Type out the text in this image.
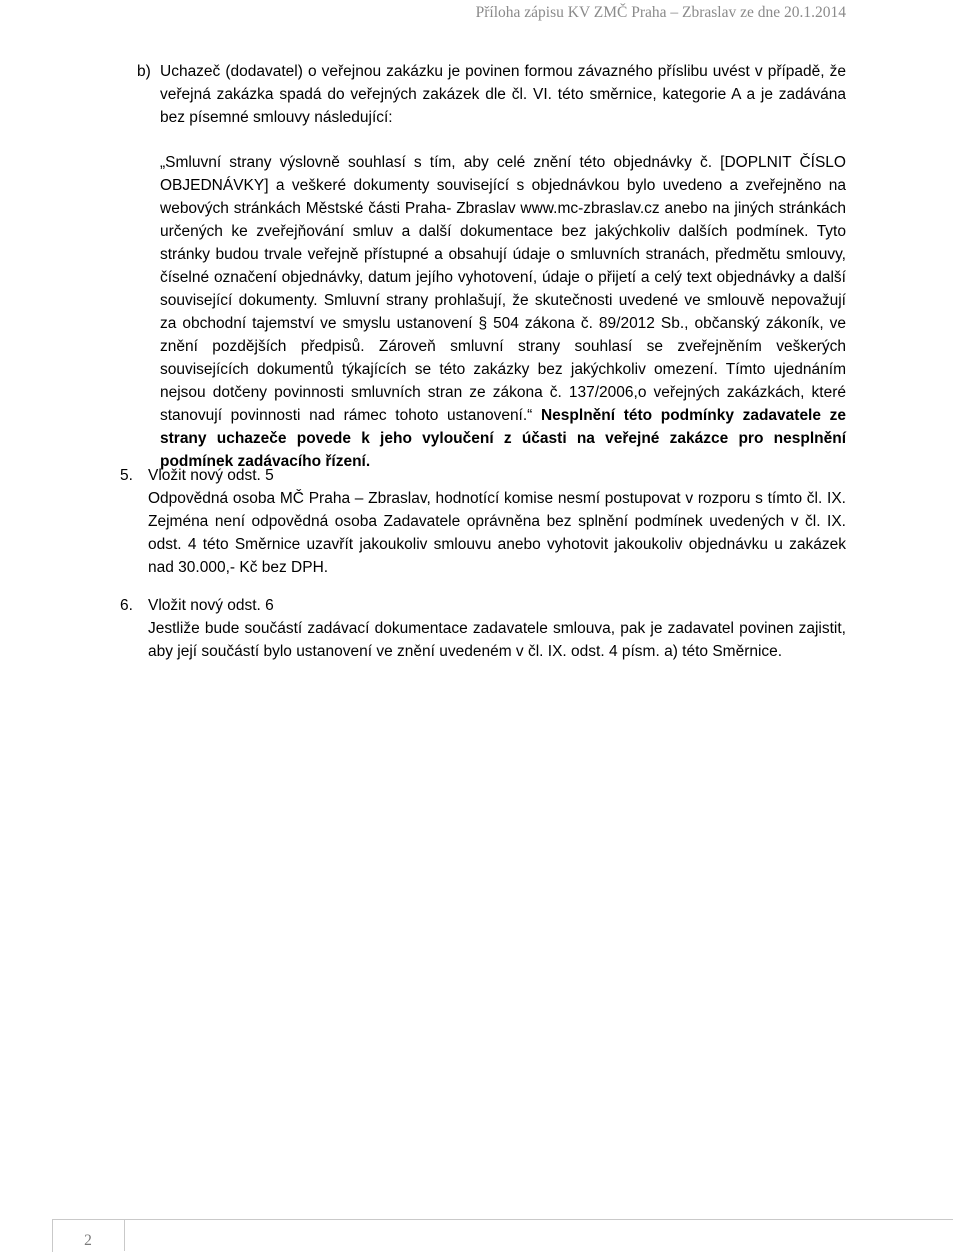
Příloha zápisu KV ZMČ Praha – Zbraslav ze dne 20.1.2014
b) Uchazeč (dodavatel) o veřejnou zakázku je povinen formou závazného příslibu uvést v případě, že veřejná zakázka spadá do veřejných zakázek dle čl. VI. této směrnice, kategorie A a je zadávána bez písemné smlouvy následující:
„Smluvní strany výslovně souhlasí s tím, aby celé znění této objednávky č. [DOPLNIT ČÍSLO OBJEDNÁVKY] a veškeré dokumenty související s objednávkou bylo uvedeno a zveřejněno na webových stránkách Městské části Praha- Zbraslav www.mc-zbraslav.cz anebo na jiných stránkách určených ke zveřejňování smluv a další dokumentace bez jakýchkoliv dalších podmínek. Tyto stránky budou trvale veřejně přístupné a obsahují údaje o smluvních stranách, předmětu smlouvy, číselné označení objednávky, datum jejího vyhotovení, údaje o přijetí a celý text objednávky a další související dokumenty. Smluvní strany prohlašují, že skutečnosti uvedené ve smlouvě nepovažují za obchodní tajemství ve smyslu ustanovení § 504 zákona č. 89/2012 Sb., občanský zákoník, ve znění pozdějších předpisů. Zároveň smluvní strany souhlasí se zveřejněním veškerých souvisejících dokumentů týkajících se této zakázky bez jakýchkoliv omezení. Tímto ujednáním nejsou dotčeny povinnosti smluvních stran ze zákona č. 137/2006,o veřejných zakázkách, které stanovují povinnosti nad rámec tohoto ustanovení.“ Nesplnění této podmínky zadavatele ze strany uchazeče povede k jeho vyloučení z účasti na veřejné zakázce pro nesplnění podmínek zadávacího řízení.
5. Vložit nový odst. 5
Odpovědná osoba MČ Praha – Zbraslav, hodnotící komise nesmí postupovat v rozporu s tímto čl. IX. Zejména není odpovědná osoba Zadavatele oprávněna bez splnění podmínek uvedených v čl. IX. odst. 4 této Směrnice uzavřít jakoukoliv smlouvu anebo vyhotovit jakoukoliv objednávku u zakázek nad 30.000,- Kč bez DPH.
6. Vložit nový odst. 6
Jestliže bude součástí zadávací dokumentace zadavatele smlouva, pak je zadavatel povinen zajistit, aby její součástí bylo ustanovení ve znění uvedeném v čl. IX. odst. 4 písm. a) této Směrnice.
2
